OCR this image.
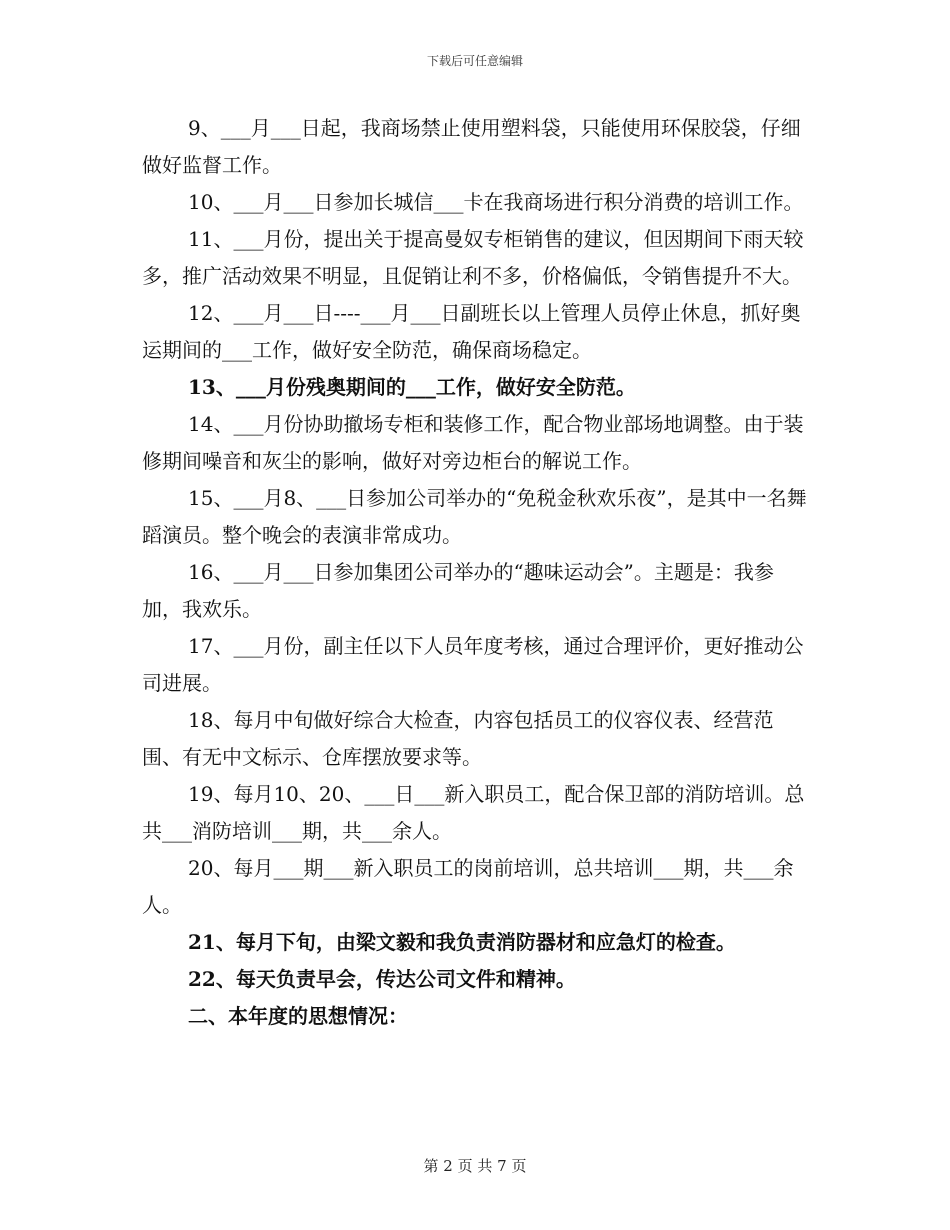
下载后可任意编辑

9、___月___日起，我商场禁止使用塑料袋，只能使用环保胶袋，仔细做好监督工作。

10、___月___日参加长城信___卡在我商场进行积分消费的培训工作。

11、___月份，提出关于提高曼奴专柜销售的建议，但因期间下雨天较多，推广活动效果不明显，且促销让利不多，价格偏低，令销售提升不大。

12、___月___日----___月___日副班长以上管理人员停止休息，抓好奥运期间的___工作，做好安全防范，确保商场稳定。

13、___月份残奥期间的___工作，做好安全防范。

14、___月份协助撤场专柜和装修工作，配合物业部场地调整。由于装修期间噪音和灰尘的影响，做好对旁边柜台的解说工作。

15、___月8、___日参加公司举办的“免税金秋欢乐夜”，是其中一名舞蹈演员。整个晚会的表演非常成功。

16、___月___日参加集团公司举办的“趣味运动会”。主题是：我参加，我欢乐。

17、___月份，副主任以下人员年度考核，通过合理评价，更好推动公司进展。

18、每月中旬做好综合大检查，内容包括员工的仪容仪表、经营范围、有无中文标示、仓库摆放要求等。

19、每月10、20、___日___新入职员工，配合保卫部的消防培训。总共___消防培训___期，共___余人。

20、每月___期___新入职员工的岗前培训，总共培训___期，共___余人。

21、每月下旬，由梁文毅和我负责消防器材和应急灯的检查。

22、每天负责早会，传达公司文件和精神。

二、本年度的思想情况：

第 2 页 共 7 页
